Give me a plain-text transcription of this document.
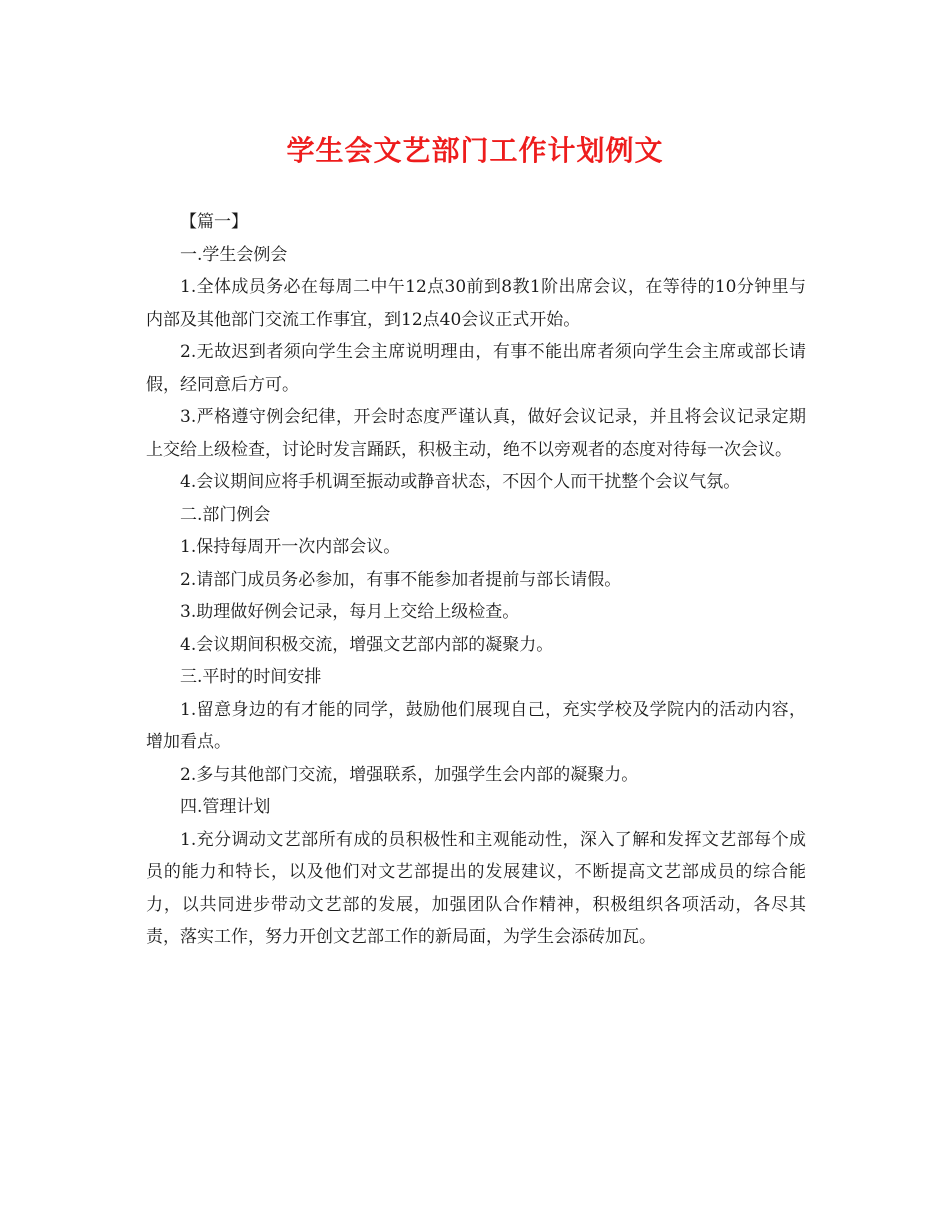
学生会文艺部门工作计划例文

【篇一】

一.学生会例会

1.全体成员务必在每周二中午12点30前到8教1阶出席会议，在等待的10分钟里与内部及其他部门交流工作事宜，到12点40会议正式开始。

2.无故迟到者须向学生会主席说明理由，有事不能出席者须向学生会主席或部长请假，经同意后方可。

3.严格遵守例会纪律，开会时态度严谨认真，做好会议记录，并且将会议记录定期上交给上级检查，讨论时发言踊跃，积极主动，绝不以旁观者的态度对待每一次会议。

4.会议期间应将手机调至振动或静音状态，不因个人而干扰整个会议气氛。

二.部门例会

1.保持每周开一次内部会议。

2.请部门成员务必参加，有事不能参加者提前与部长请假。

3.助理做好例会记录，每月上交给上级检查。

4.会议期间积极交流，增强文艺部内部的凝聚力。

三.平时的时间安排

1.留意身边的有才能的同学，鼓励他们展现自己，充实学校及学院内的活动内容，增加看点。

2.多与其他部门交流，增强联系，加强学生会内部的凝聚力。

四.管理计划

1.充分调动文艺部所有成的员积极性和主观能动性，深入了解和发挥文艺部每个成员的能力和特长，以及他们对文艺部提出的发展建议，不断提高文艺部成员的综合能力，以共同进步带动文艺部的发展，加强团队合作精神，积极组织各项活动，各尽其责，落实工作，努力开创文艺部工作的新局面，为学生会添砖加瓦。
